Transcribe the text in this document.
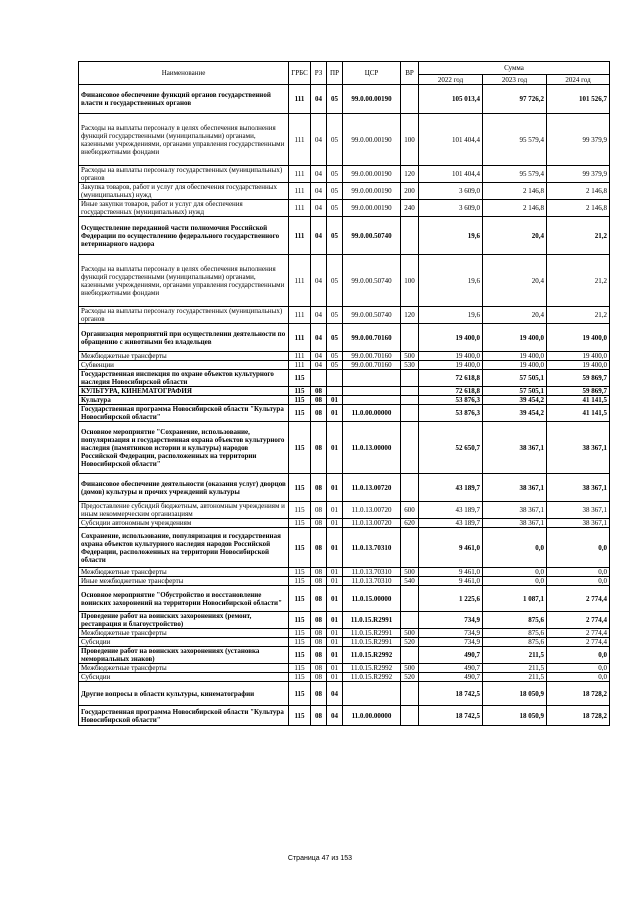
Наименование	ГРБС	РЗ	ПР	ЦСР	ВР	Сумма		
						2022 год	2023 год	2024 год
Финансовое обеспечение функций органов государственной власти и государственных органов	111	04	05	99.0.00.00190		105 013,4	97 726,2	101 526,7
Расходы на выплаты персоналу в целях обеспечения выполнения функций государственными (муниципальными) органами, казенными учреждениями, органами управления государственными внебюджетными фондами	111	04	05	99.0.00.00190	100	101 404,4	95 579,4	99 379,9
Расходы на выплаты персоналу государственных (муниципальных) органов	111	04	05	99.0.00.00190	120	101 404,4	95 579,4	99 379,9
Закупка товаров, работ и услуг для обеспечения государственных (муниципальных) нужд	111	04	05	99.0.00.00190	200	3 609,0	2 146,8	2 146,8
Иные закупки товаров, работ и услуг для обеспечения государственных (муниципальных) нужд	111	04	05	99.0.00.00190	240	3 609,0	2 146,8	2 146,8
Осуществление переданной части полномочия Российской Федерации по осуществлению федерального государственного ветеринарного надзора	111	04	05	99.0.00.50740		19,6	20,4	21,2
Расходы на выплаты персоналу в целях обеспечения выполнения функций государственными (муниципальными) органами, казенными учреждениями, органами управления государственными внебюджетными фондами	111	04	05	99.0.00.50740	100	19,6	20,4	21,2
Расходы на выплаты персоналу государственных (муниципальных) органов	111	04	05	99.0.00.50740	120	19,6	20,4	21,2
Организация мероприятий при осуществлении деятельности по обращению с животными без владельцев	111	04	05	99.0.00.70160		19 400,0	19 400,0	19 400,0
Межбюджетные трансферты	111	04	05	99.0.00.70160	500	19 400,0	19 400,0	19 400,0
Субвенции	111	04	05	99.0.00.70160	530	19 400,0	19 400,0	19 400,0
Государственная инспекция по охране объектов культурного наследия Новосибирской области	115					72 618,8	57 505,1	59 869,7
КУЛЬТУРА, КИНЕМАТОГРАФИЯ	115	08				72 618,8	57 505,1	59 869,7
Культура	115	08	01			53 876,3	39 454,2	41 141,5
Государственная программа Новосибирской области "Культура Новосибирской области"	115	08	01	11.0.00.00000		53 876,3	39 454,2	41 141,5
Основное мероприятие "Сохранение, использование, популяризация и государственная охрана объектов культурного наследия (памятников истории и культуры) народов Российской Федерации, расположенных на территории Новосибирской области"	115	08	01	11.0.13.00000		52 650,7	38 367,1	38 367,1
Финансовое обеспечение деятельности (оказания услуг) дворцов (домов) культуры и прочих учреждений культуры	115	08	01	11.0.13.00720		43 189,7	38 367,1	38 367,1
Предоставление субсидий бюджетным, автономным учреждениям и иным некоммерческим организациям	115	08	01	11.0.13.00720	600	43 189,7	38 367,1	38 367,1
Субсидии автономным учреждениям	115	08	01	11.0.13.00720	620	43 189,7	38 367,1	38 367,1
Сохранение, использование, популяризация и государственная охрана объектов культурного наследия народов Российской Федерации, расположенных на территории Новосибирской области	115	08	01	11.0.13.70310		9 461,0	0,0	0,0
Межбюджетные трансферты	115	08	01	11.0.13.70310	500	9 461,0	0,0	0,0
Иные межбюджетные трансферты	115	08	01	11.0.13.70310	540	9 461,0	0,0	0,0
Основное мероприятие "Обустройство и восстановление воинских захоронений на территории Новосибирской области"	115	08	01	11.0.15.00000		1 225,6	1 087,1	2 774,4
Проведение работ на воинских захоронениях (ремонт, реставрация и благоустройство)	115	08	01	11.0.15.R2991		734,9	875,6	2 774,4
Межбюджетные трансферты	115	08	01	11.0.15.R2991	500	734,9	875,6	2 774,4
Субсидии	115	08	01	11.0.15.R2991	520	734,9	875,6	2 774,4
Проведение работ на воинских захоронениях (установка мемориальных знаков)	115	08	01	11.0.15.R2992		490,7	211,5	0,0
Межбюджетные трансферты	115	08	01	11.0.15.R2992	500	490,7	211,5	0,0
Субсидии	115	08	01	11.0.15.R2992	520	490,7	211,5	0,0
Другие вопросы в области культуры, кинематографии	115	08	04			18 742,5	18 050,9	18 728,2
Государственная программа Новосибирской области "Культура Новосибирской области"	115	08	04	11.0.00.00000		18 742,5	18 050,9	18 728,2
Страница 47 из 153
